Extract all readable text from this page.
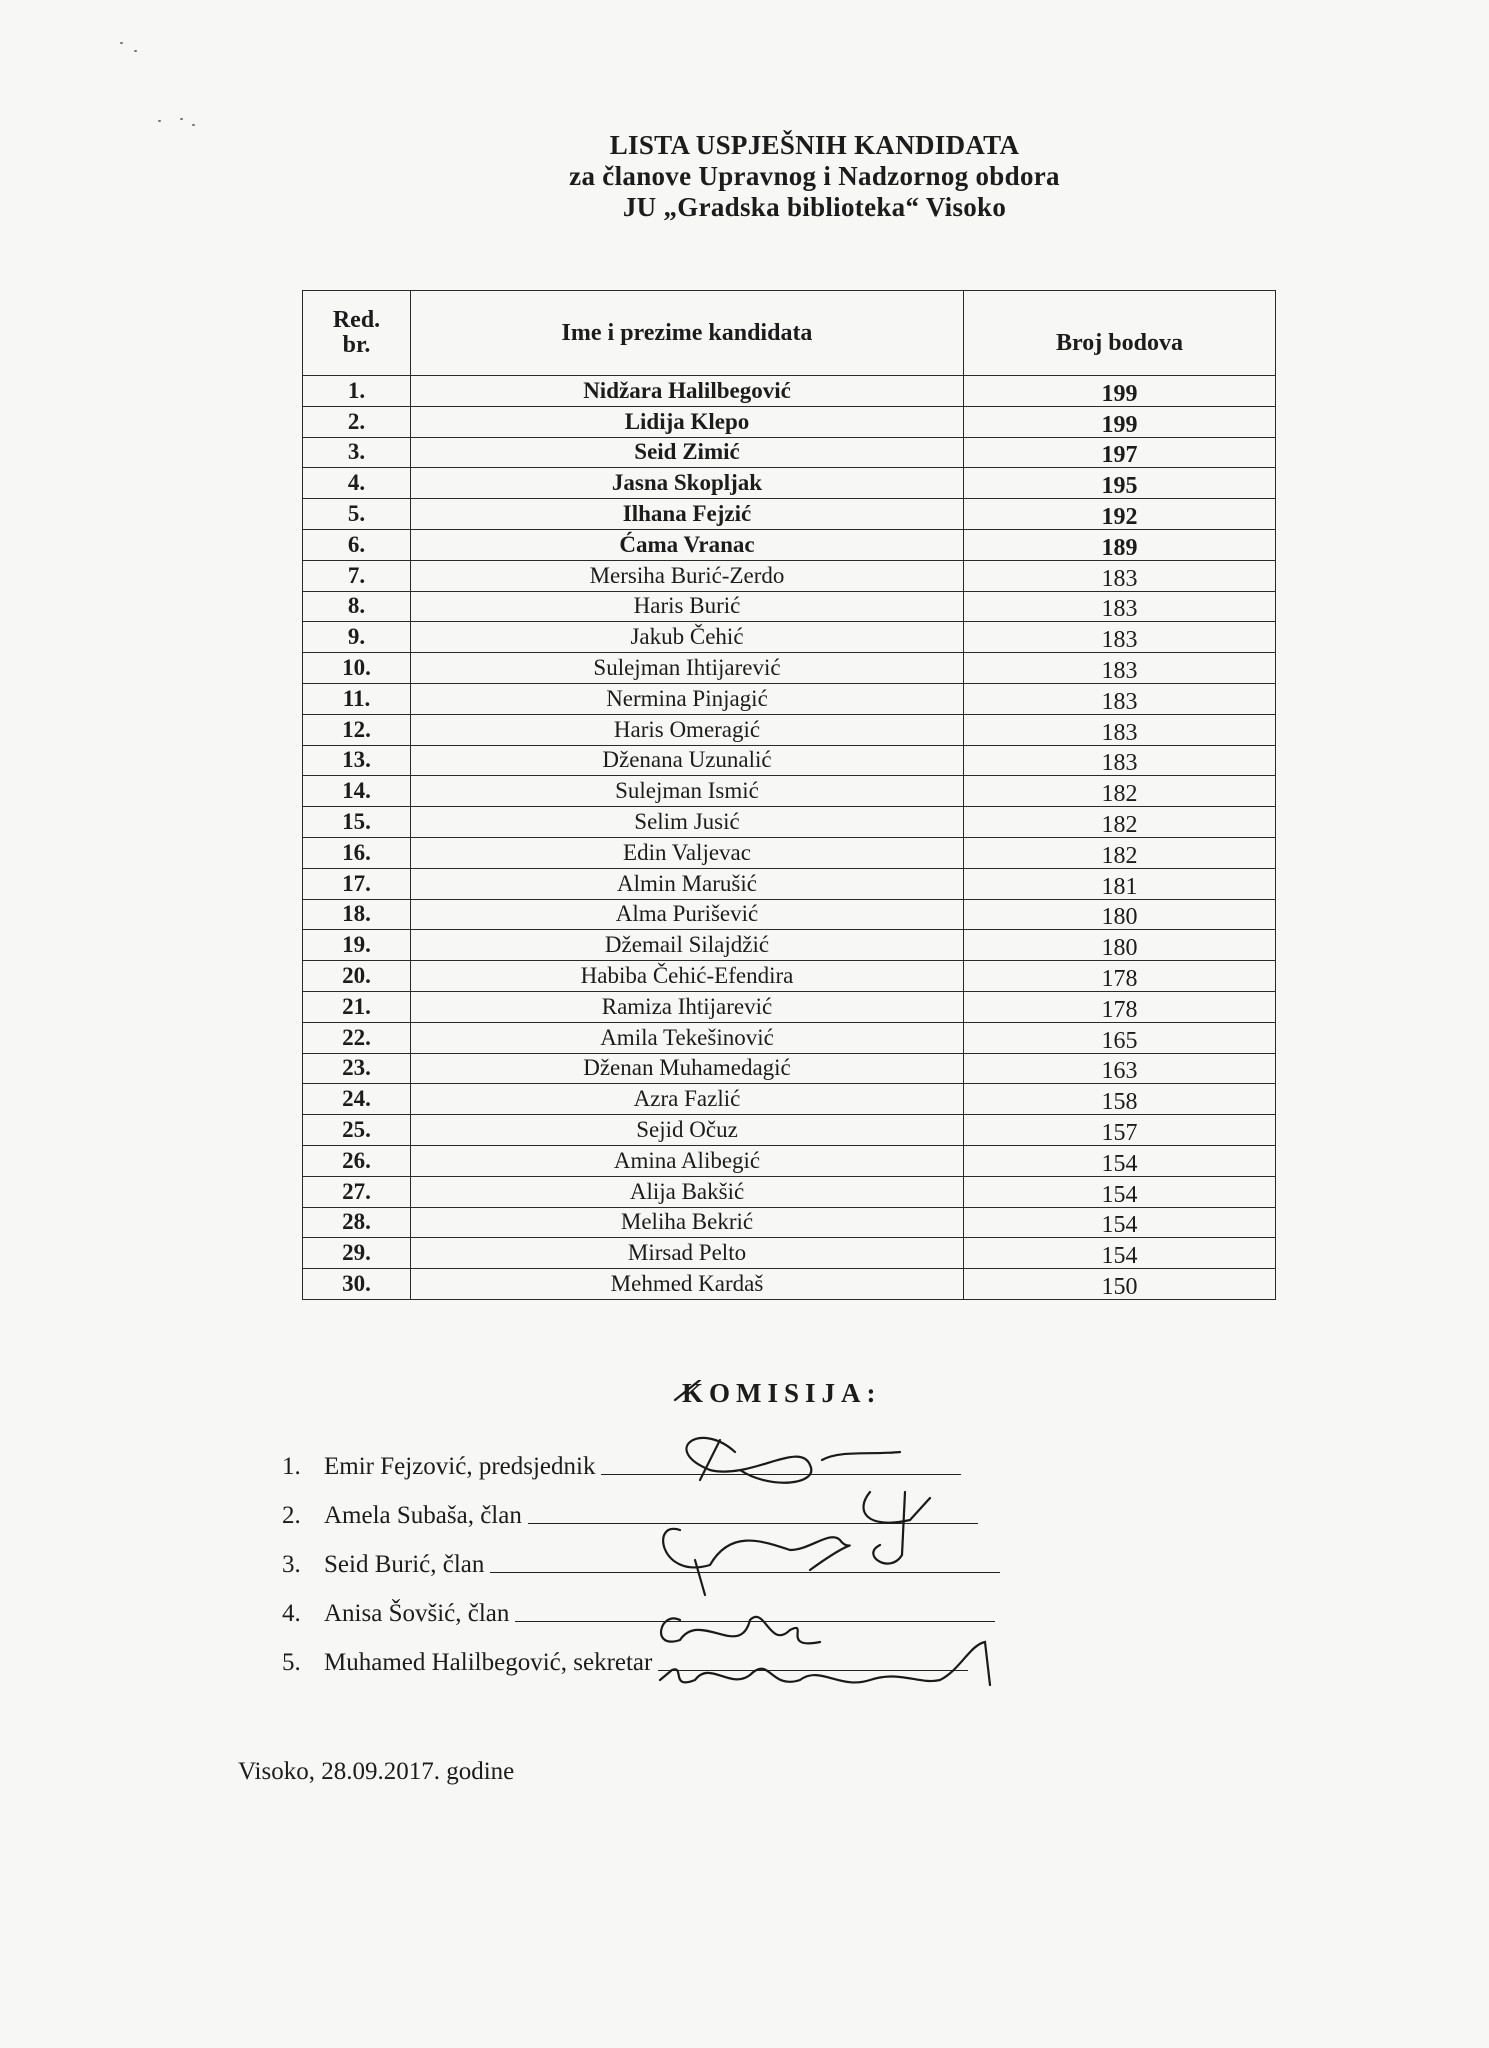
LISTA USPJEŠNIH KANDIDATA
za članove Upravnog i Nadzornog obdora
JU „Gradska biblioteka“ Visoko
Red.
br.	Ime i prezime kandidata	Broj bodova
1.	Nidžara Halilbegović	199
2.	Lidija Klepo	199
3.	Seid Zimić	197
4.	Jasna Skopljak	195
5.	Ilhana Fejzić	192
6.	Ćama Vranac	189
7.	Mersiha Burić-Zerdo	183
8.	Haris Burić	183
9.	Jakub Čehić	183
10.	Sulejman Ihtijarević	183
11.	Nermina Pinjagić	183
12.	Haris Omeragić	183
13.	Dženana Uzunalić	183
14.	Sulejman Ismić	182
15.	Selim Jusić	182
16.	Edin Valjevac	182
17.	Almin Marušić	181
18.	Alma Purišević	180
19.	Džemail Silajdžić	180
20.	Habiba Čehić-Efendira	178
21.	Ramiza Ihtijarević	178
22.	Amila Tekešinović	165
23.	Dženan Muhamedagić	163
24.	Azra Fazlić	158
25.	Sejid Očuz	157
26.	Amina Alibegić	154
27.	Alija Bakšić	154
28.	Meliha Bekrić	154
29.	Mirsad Pelto	154
30.	Mehmed Kardaš	150
KOMISIJA:
1. Emir Fejzović, predsjednik
2. Amela Subaša, član
3. Seid Burić, član
4. Anisa Šovšić, član
5. Muhamed Halilbegović, sekretar
Visoko, 28.09.2017. godine
